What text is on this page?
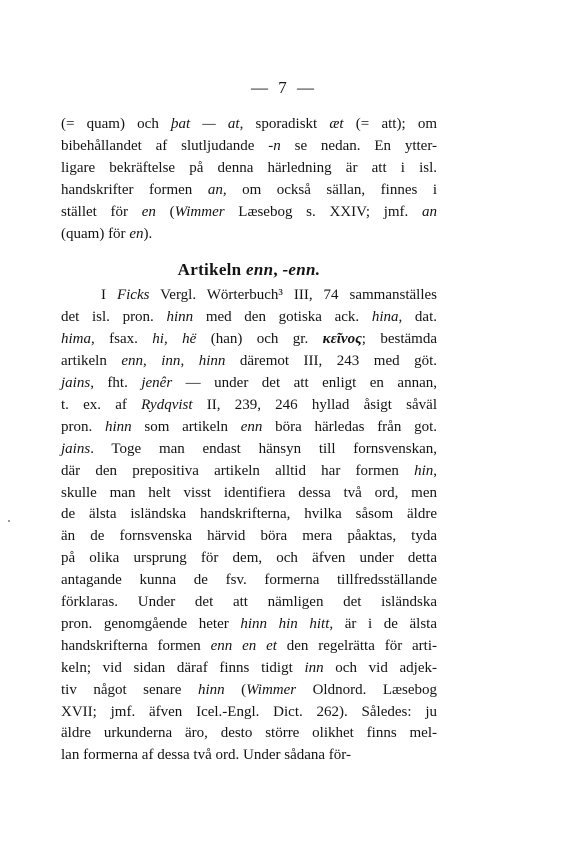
— 7 —
(= quam) och þat — at, sporadiskt æt (= att); om
bibehållandet af slutljudande -n se nedan. En ytter-
ligare bekräftelse på denna härledning är att i isl.
handskrifter formen an, om också sällan, finnes i
stället för en (Wimmer Læsebog s. XXIV; jmf. an
(quam) för en).
Artikeln enn, -enn.
I Ficks Vergl. Wörterbuch³ III, 74 sammanställes
det isl. pron. hinn med den gotiska ack. hina, dat.
hima, fsax. hi, hë (han) och gr. κεῖνος; bestämda
artikeln enn, inn, hinn däremot III, 243 med göt.
jains, fht. jenêr — under det att enligt en annan,
t. ex. af Rydqvist II, 239, 246 hyllad åsigt såväl
pron. hinn som artikeln enn böra härledas från got.
jains. Toge man endast hänsyn till fornsvenskan,
där den prepositiva artikeln alltid har formen hin,
skulle man helt visst identifiera dessa två ord, men
de älsta isländska handskrifterna, hvilka såsom äldre
än de fornsvenska härvid böra mera påaktas, tyda
på olika ursprung för dem, och äfven under detta
antagande kunna de fsv. formerna tillfredsställande
förklaras. Under det att nämligen det isländska
pron. genomgående heter hinn hin hitt, är i de älsta
handskrifterna formen enn en et den regelrätta för arti-
keln; vid sidan däraf finns tidigt inn och vid adjek-
tiv något senare hinn (Wimmer Oldnord. Læsebog
XVII; jmf. äfven Icel.-Engl. Dict. 262). Således: ju
äldre urkunderna äro, desto större olikhet finns mel-
lan formerna af dessa två ord. Under sådana för-
